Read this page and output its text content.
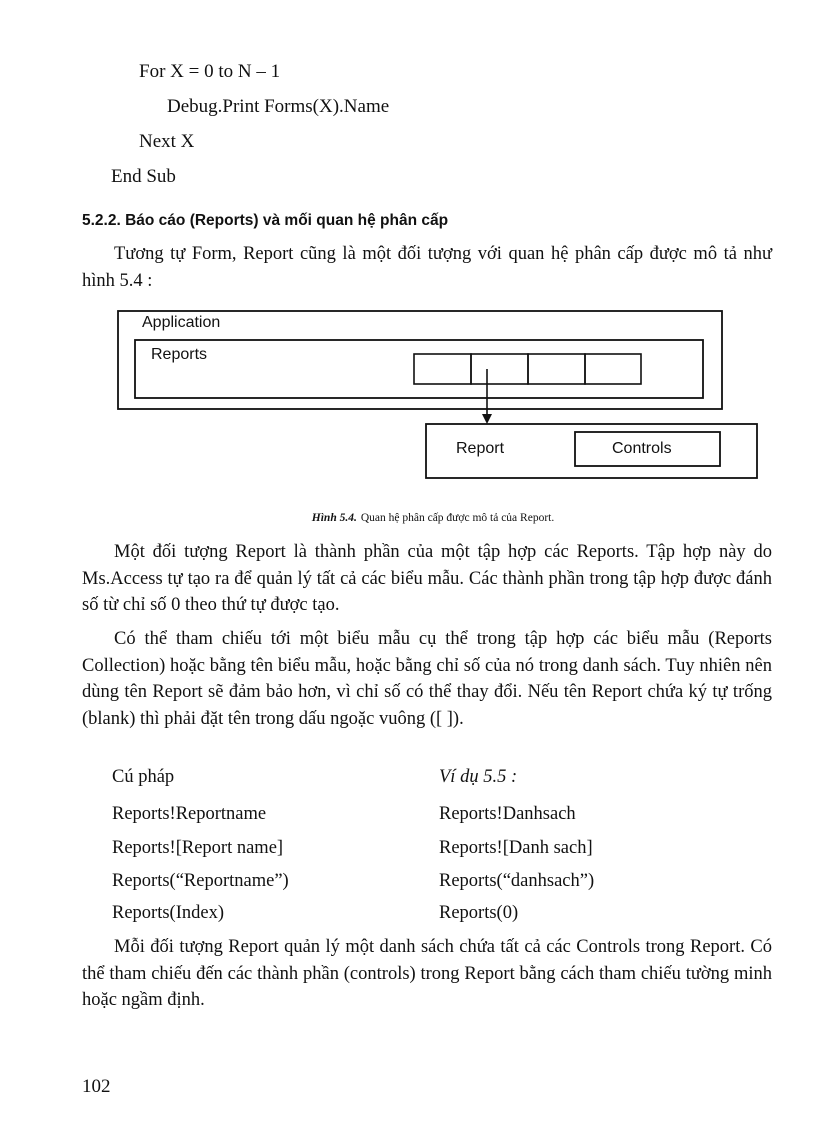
For X = 0 to N – 1
Debug.Print Forms(X).Name
Next X
End Sub
5.2.2. Báo cáo (Reports) và mối quan hệ phân cấp

Tương tự Form, Report cũng là một đối tượng với quan hệ phân cấp được mô tả như hình 5.4 :

Application
Reports
Report	Controls
Hình 5.4. Quan hệ phân cấp được mô tả của Report.

Một đối tượng Report là thành phần của một tập hợp các Reports. Tập hợp này do Ms.Access tự tạo ra để quản lý tất cả các biểu mẫu. Các thành phần trong tập hợp được đánh số từ chỉ số 0 theo thứ tự được tạo.

Có thể tham chiếu tới một biểu mẫu cụ thể trong tập hợp các biểu mẫu (Reports Collection) hoặc bằng tên biểu mẫu, hoặc bằng chỉ số của nó trong danh sách. Tuy nhiên nên dùng tên Report sẽ đảm bảo hơn, vì chỉ số có thể thay đổi. Nếu tên Report chứa ký tự trống (blank) thì phải đặt tên trong dấu ngoặc vuông ([ ]).

Cú pháp	Ví dụ 5.5 :
Reports!Reportname	Reports!Danhsach
Reports![Report name]	Reports![Danh sach]
Reports(“Reportname”)	Reports(“danhsach”)
Reports(Index)	Reports(0)

Mỗi đối tượng Report quản lý một danh sách chứa tất cả các Controls trong Report. Có thể tham chiếu đến các thành phần (controls) trong Report bằng cách tham chiếu tường minh hoặc ngầm định.

102
